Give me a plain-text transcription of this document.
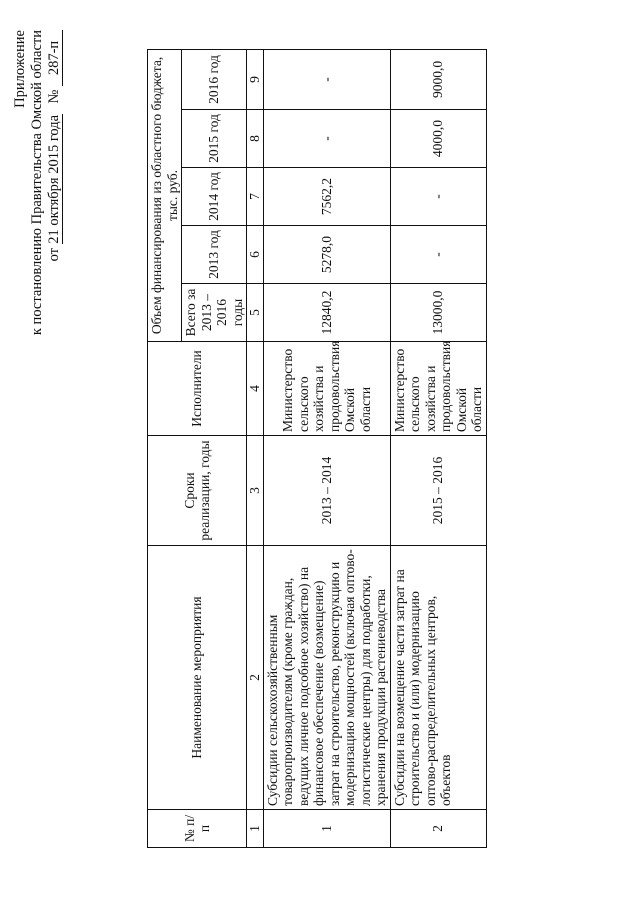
Приложение к постановлению Правительства Омской области от 21 октября 2015 года   № 287-п
№ п/п	Наименование мероприятия	Сроки реализации, годы	Исполнители	Объем финансирования из областного бюджета, тыс. руб.				
				Всего за 2013 – 2016 годы	2013 год	2014 год	2015 год	2016 год
1	2	3	4	5	6	7	8	9
1	Субсидии сельскохозяйственным товаропроизводителям (кроме граждан, ведущих личное подсобное хозяйство) на финансовое обеспечение (возмещение) затрат на строительство, реконструкцию и модернизацию мощностей (включая оптово-логистические центры) для подработки, хранения продукции растениеводства	2013 – 2014	Министерство сельского хозяйства и продовольствия Омской области	12840,2	5278,0	7562,2	-	-
2	Субсидии на возмещение части затрат на строительство и (или) модернизацию оптово-распределительных центров, объектов	2015 – 2016	Министерство сельского хозяйства и продовольствия Омской области	13000,0	-	-	4000,0	9000,0
